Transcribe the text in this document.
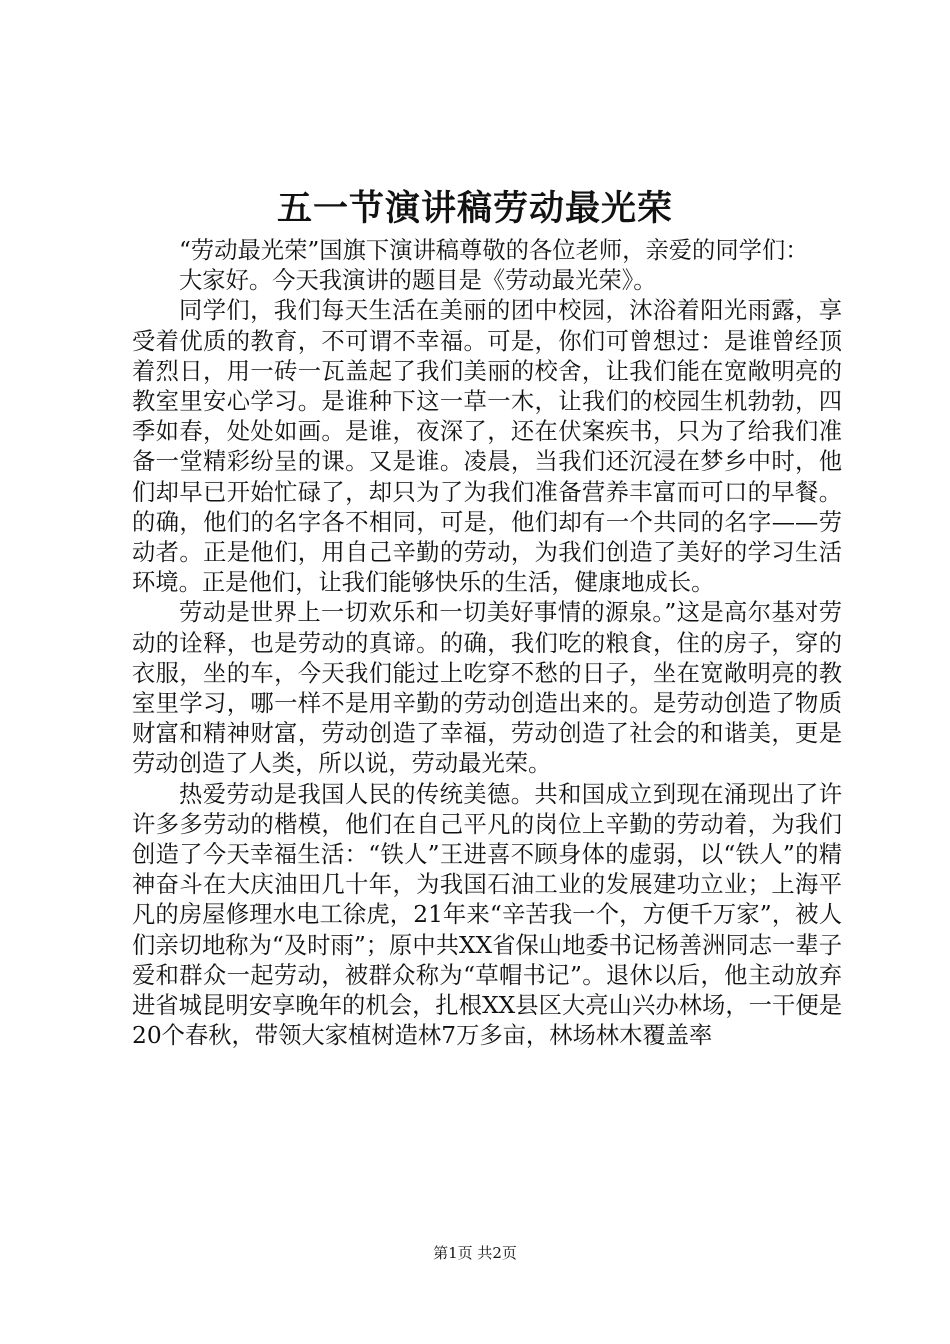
五一节演讲稿劳动最光荣

“劳动最光荣”国旗下演讲稿尊敬的各位老师，亲爱的同学们：

大家好。今天我演讲的题目是《劳动最光荣》。

同学们，我们每天生活在美丽的团中校园，沐浴着阳光雨露，享受着优质的教育，不可谓不幸福。可是，你们可曾想过：是谁曾经顶着烈日，用一砖一瓦盖起了我们美丽的校舍，让我们能在宽敞明亮的教室里安心学习。是谁种下这一草一木，让我们的校园生机勃勃，四季如春，处处如画。是谁，夜深了，还在伏案疾书，只为了给我们准备一堂精彩纷呈的课。又是谁。凌晨，当我们还沉浸在梦乡中时，他们却早已开始忙碌了，却只为了为我们准备营养丰富而可口的早餐。的确，他们的名字各不相同，可是，他们却有一个共同的名字——劳动者。正是他们，用自己辛勤的劳动，为我们创造了美好的学习生活环境。正是他们，让我们能够快乐的生活，健康地成长。

劳动是世界上一切欢乐和一切美好事情的源泉。”这是高尔基对劳动的诠释，也是劳动的真谛。的确，我们吃的粮食，住的房子，穿的衣服，坐的车，今天我们能过上吃穿不愁的日子，坐在宽敞明亮的教室里学习，哪一样不是用辛勤的劳动创造出来的。是劳动创造了物质财富和精神财富，劳动创造了幸福，劳动创造了社会的和谐美，更是劳动创造了人类，所以说，劳动最光荣。

热爱劳动是我国人民的传统美德。共和国成立到现在涌现出了许许多多劳动的楷模，他们在自己平凡的岗位上辛勤的劳动着，为我们创造了今天幸福生活：“铁人”王进喜不顾身体的虚弱，以“铁人”的精神奋斗在大庆油田几十年，为我国石油工业的发展建功立业；上海平凡的房屋修理水电工徐虎，21年来“辛苦我一个，方便千万家”，被人们亲切地称为“及时雨”；原中共XX省保山地委书记杨善洲同志一辈子爱和群众一起劳动，被群众称为“草帽书记”。退休以后，他主动放弃进省城昆明安享晚年的机会，扎根XX县区大亮山兴办林场，一干便是20个春秋，带领大家植树造林7万多亩，林场林木覆盖率

第1页 共2页
